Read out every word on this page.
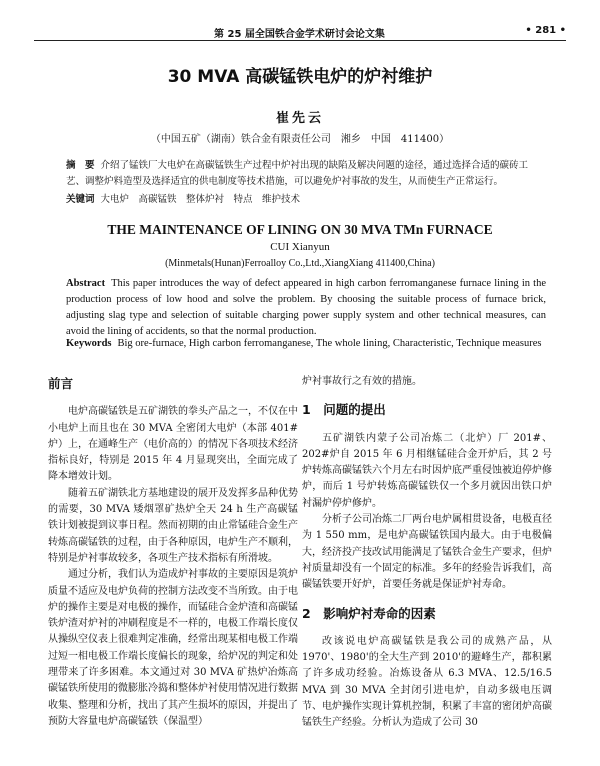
第 25 届全国铁合金学术研讨会论文集	• 281 •
30 MVA 高碳锰铁电炉的炉衬维护
崔先云
（中国五矿（湖南）铁合金有限责任公司　湘乡　中国　411400）
摘　要 介绍了锰铁厂大电炉在高碳锰铁生产过程中炉衬出现的缺陷及解决问题的途径，通过选择合适的碳砖工艺、调整炉料造型及选择适宜的供电制度等技术措施，可以避免炉衬事故的发生，从而使生产正常运行。
关键词 大电炉　高碳锰铁　整体炉衬　特点　维护技术
THE MAINTENANCE OF LINING ON 30 MVA TMn FURNACE
CUI Xianyun
(Minmetals(Hunan)Ferroalloy Co.,Ltd.,XiangXiang 411400,China)
Abstract This paper introduces the way of defect appeared in high carbon ferromanganese furnace lining in the production process of low hood and solve the problem. By choosing the suitable process of furnace brick, adjusting slag type and selection of suitable charging power supply system and other technical measures, can avoid the lining of accidents, so that the normal production.
Keywords Big ore-furnace, High carbon ferromanganese, The whole lining, Characteristic, Technique measures
前言

电炉高碳锰铁是五矿湖铁的拳头产品之一，不仅在中小电炉上而且也在 30 MVA 全密闭大电炉（本部 401#炉）上，在通峰生产（电价高的）的情况下各项技术经济指标良好，特别是 2015 年 4 月显现突出，全面完成了降本增效计划。

随着五矿湖铁北方基地建设的展开及发挥多品种优势的需要，30 MVA 矮烟罩矿热炉全天 24 h 生产高碳锰铁计划被提到议事日程。然而初期的由止常锰硅合金生产转炼高碳锰铁的过程，由于各种原因，电炉生产不顺利，特别是炉衬事故较多，各项生产技术指标有所滑坡。

通过分析，我们认为造成炉衬事故的主要原因是筑炉质量不适应及电炉负荷的控制方法改变不当所致。由于电炉的操作主要是对电极的操作，而锰硅合金炉渣和高碳锰铁炉渣对炉衬的冲刷程度是不一样的，电极工作端长度仅从操纵空仪表上很难判定准确，经常出现某相电极工作端过短一相电极工作端长度偏长的现象，给炉况的判定和处理带来了许多困难。本文通过对 30 MVA 矿热炉冶炼高碳锰铁所使用的微膨胀冷捣和整体炉衬使用情况进行数据收集、整理和分析，找出了其产生损坏的原因，并提出了预防大容量电炉高碳锰铁（保温型）

炉衬事故行之有效的措施。

1　问题的提出

五矿湖铁内蒙子公司冶炼二（北炉）厂 201#、202#炉自 2015 年 6 月相继锰硅合金开炉后，其 2 号炉转炼高碳锰铁六个月左右时因炉底严重侵蚀被迫停炉修炉，而后 1 号炉转炼高碳锰铁仅一个多月就因出铁口炉衬漏炉停炉修炉。

分析子公司冶炼二厂两台电炉属相贯设备，电极直径为 1 550 mm，是电炉高碳锰铁国内最大。由于电极偏大，经济投产技改试用能满足了锰铁合金生产要求，但炉衬质量却没有一个固定的标准。多年的经验告诉我们，高碳锰铁要开好炉，首要任务就是保证炉衬寿命。

2　影响炉衬寿命的因素

改该说电炉高碳锰铁是我公司的成熟产品，从 1970'、1980'的全大生产到 2010'的避峰生产，都积累了许多成功经验。冶炼设备从 6.3 MVA、12.5/16.5 MVA 到 30 MVA 全封闭引进电炉，自动多级电压调节、电炉操作实现计算机控制，积累了丰富的密闭炉高碳锰铁生产经验。分析认为造成了公司 30
